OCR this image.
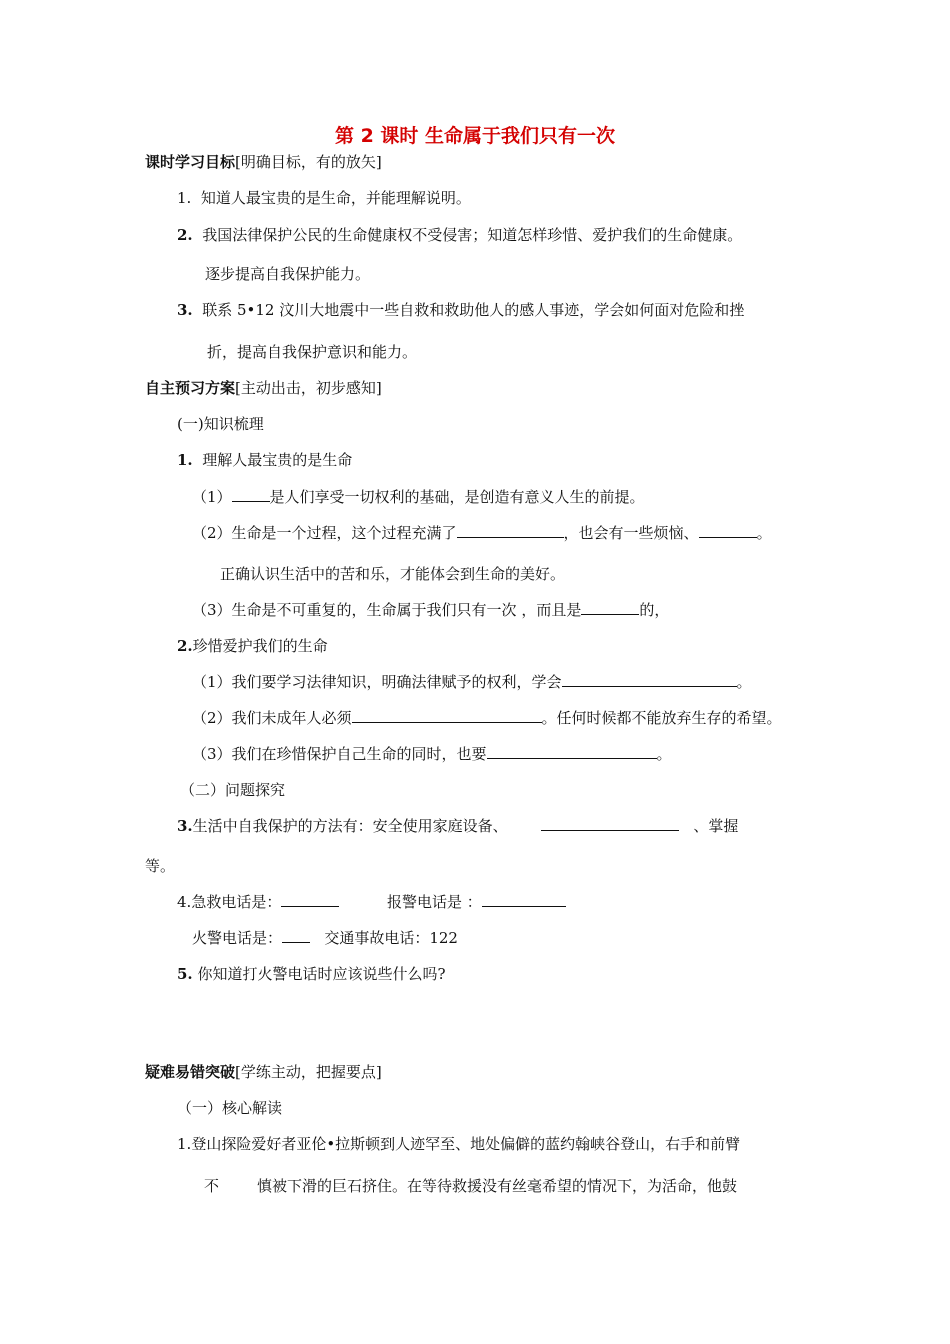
第 2 课时 生命属于我们只有一次
课时学习目标[明确目标，有的放矢]
1. 知道人最宝贵的是生命，并能理解说明。
2. 我国法律保护公民的生命健康权不受侵害；知道怎样珍惜、爱护我们的生命健康。
逐步提高自我保护能力。
3. 联系 5•12 汶川大地震中一些自救和救助他人的感人事迹，学会如何面对危险和挫
折，提高自我保护意识和能力。
自主预习方案[主动出击，初步感知]
(一)知识梳理
1. 理解人最宝贵的是生命
（1）	是人们享受一切权利的基础，是创造有意义人生的前提。
（2）生命是一个过程，这个过程充满了	，也会有一些烦恼、	。
正确认识生活中的苦和乐，才能体会到生命的美好。
（3）生命是不可重复的，生命属于我们只有一次 ，而且是	的，
2.珍惜爱护我们的生命
（1）我们要学习法律知识，明确法律赋予的权利，学会	。
（2）我们未成年人必须	。任何时候都不能放弃生存的希望。
（3）我们在珍惜保护自己生命的同时，也要	。
（二）问题探究
3.生活中自我保护的方法有：安全使用家庭设备、	、掌握
等。
4.急救电话是：	报警电话是 ：
火警电话是：	交通事故电话：122
5. 你知道打火警电话时应该说些什么吗?
疑难易错突破[学练主动，把握要点]
（一）核心解读
1.登山探险爱好者亚伦•拉斯顿到人迹罕至、地处偏僻的蓝约翰峡谷登山，右手和前臂
不	慎被下滑的巨石挤住。在等待救援没有丝毫希望的情况下，为活命，他鼓
